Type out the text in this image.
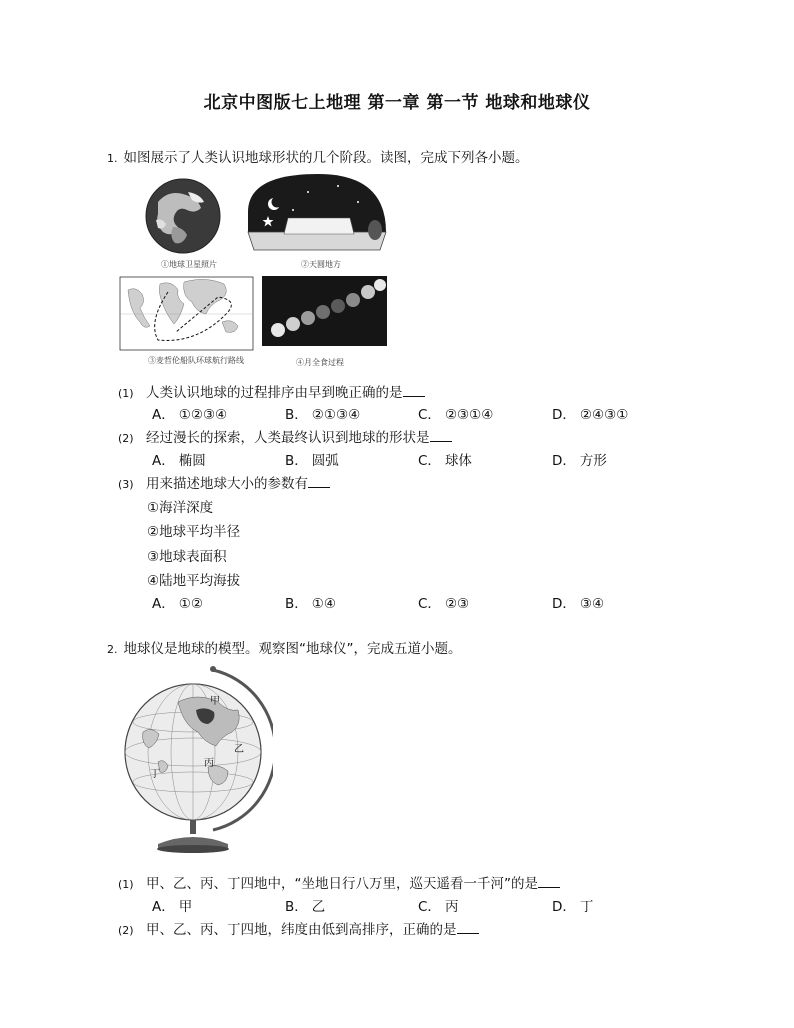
北京中图版七上地理 第一章 第一节 地球和地球仪
1. 如图展示了人类认识地球形状的几个阶段。读图，完成下列各小题。
①地球卫星照片	②天圆地方
③麦哲伦船队环球航行路线	④月全食过程
(1) 人类认识地球的过程排序由早到晚正确的是
A． ①②③④	B． ②①③④	C． ②③①④	D． ②④③①
(2) 经过漫长的探索，人类最终认识到地球的形状是
A． 椭圆	B． 圆弧	C． 球体	D． 方形
(3) 用来描述地球大小的参数有
①海洋深度
②地球平均半径
③地球表面积
④陆地平均海拔
A． ①②	B． ①④	C． ②③	D． ③④
2. 地球仪是地球的模型。观察图“地球仪”，完成五道小题。
甲
乙
丙
丁
(1) 甲、乙、丙、丁四地中，“坐地日行八万里，巡天遥看一千河”的是
A． 甲	B． 乙	C． 丙	D． 丁
(2) 甲、乙、丙、丁四地，纬度由低到高排序，正确的是
